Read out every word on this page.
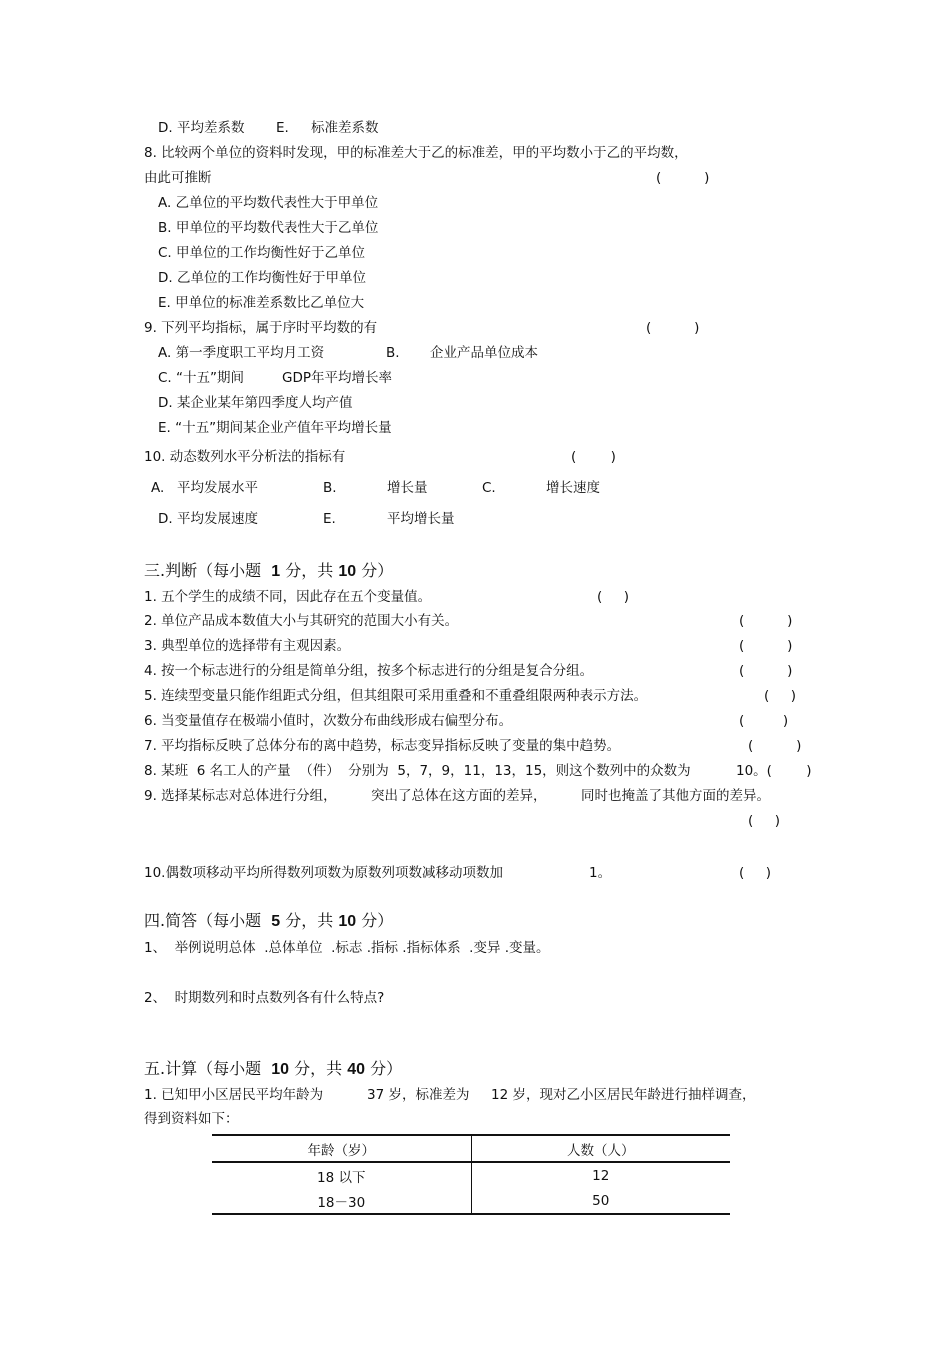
D. 平均差系数 E. 标准差系数
8. 比较两个单位的资料时发现，甲的标准差大于乙的标准差，甲的平均数小于乙的平均数，
由此可推断	(          )
A. 乙单位的平均数代表性大于甲单位
B. 甲单位的平均数代表性大于乙单位
C. 甲单位的工作均衡性好于乙单位
D. 乙单位的工作均衡性好于甲单位
E. 甲单位的标准差系数比乙单位大
9. 下列平均指标，属于序时平均数的有	(          )
A. 第一季度职工平均月工资	B. 企业产品单位成本
C. “十五”期间	GDP年平均增长率
D. 某企业某年第四季度人均产值
E. “十五”期间某企业产值年平均增长量
10. 动态数列水平分析法的指标有	(        )
A. 平均发展水平	B.	增长量	C.	增长速度
D. 平均发展速度	E.	平均增长量
三.判断（每小题 1 分，共 10 分）
1. 五个学生的成绩不同，因此存在五个变量值。	(     )
2. 单位产品成本数值大小与其研究的范围大小有关。	(          )
3. 典型单位的选择带有主观因素。	(          )
4. 按一个标志进行的分组是简单分组，按多个标志进行的分组是复合分组。	(          )
5. 连续型变量只能作组距式分组，但其组限可采用重叠和不重叠组限两种表示方法。	(     )
6. 当变量值存在极端小值时，次数分布曲线形成右偏型分布。	(         )
7. 平均指标反映了总体分布的离中趋势，标志变异指标反映了变量的集中趋势。	(          )
8. 某班  6 名工人的产量  （件）  分别为  5，7，9，11，13，15，则这个数列中的众数为	10。(        )
9. 选择某标志对总体进行分组，	突出了总体在这方面的差异，	同时也掩盖了其他方面的差异。
(     )
10.偶数项移动平均所得数列项数为原数列项数减移动项数加	1。	(     )
四.简答（每小题 5 分，共 10 分）
1、  举例说明总体  .总体单位  .标志 .指标 .指标体系  .变异 .变量。
2、  时期数列和时点数列各有什么特点?
五.计算（每小题 10 分，共 40 分）
1. 已知甲小区居民平均年龄为	37 岁，标准差为 12 岁，现对乙小区居民年龄进行抽样调查，
得到资料如下：
年龄（岁）	人数（人）
18 以下	12
18－30	50
